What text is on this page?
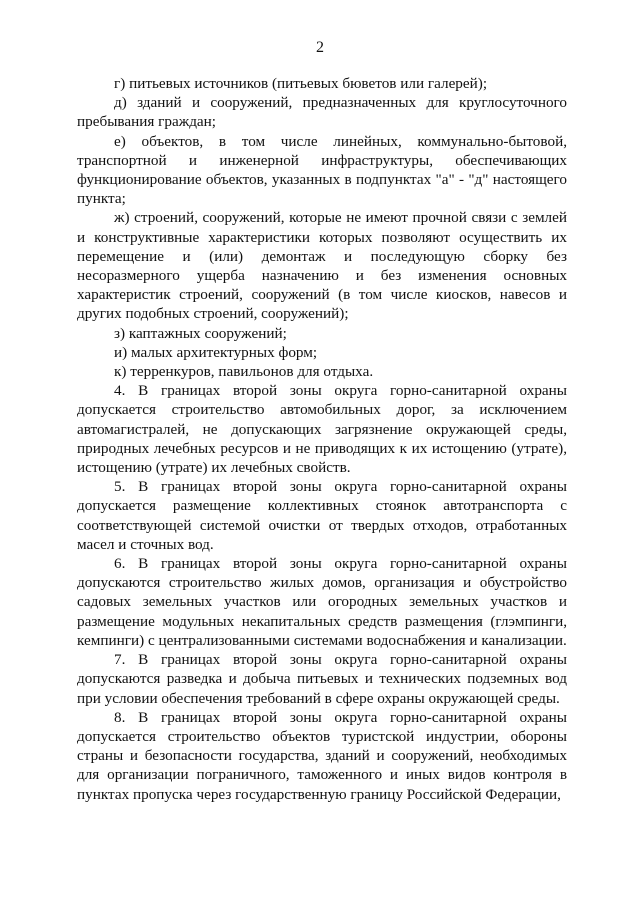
2

г) питьевых источников (питьевых бюветов или галерей);

д) зданий и сооружений, предназначенных для круглосуточного пребывания граждан;

е) объектов, в том числе линейных, коммунально-бытовой, транспортной и инженерной инфраструктуры, обеспечивающих функционирование объектов, указанных в подпунктах "а" - "д" настоящего пункта;

ж) строений, сооружений, которые не имеют прочной связи с землей и конструктивные характеристики которых позволяют осуществить их перемещение и (или) демонтаж и последующую сборку без несоразмерного ущерба назначению и без изменения основных характеристик строений, сооружений (в том числе киосков, навесов и других подобных строений, сооружений);

з) каптажных сооружений;

и) малых архитектурных форм;

к) терренкуров, павильонов для отдыха.

4. В границах второй зоны округа горно-санитарной охраны допускается строительство автомобильных дорог, за исключением автомагистралей, не допускающих загрязнение окружающей среды, природных лечебных ресурсов и не приводящих к их истощению (утрате), истощению (утрате) их лечебных свойств.

5. В границах второй зоны округа горно-санитарной охраны допускается размещение коллективных стоянок автотранспорта с соответствующей системой очистки от твердых отходов, отработанных масел и сточных вод.

6. В границах второй зоны округа горно-санитарной охраны допускаются строительство жилых домов, организация и обустройство садовых земельных участков или огородных земельных участков и размещение модульных некапитальных средств размещения (глэмпинги, кемпинги) с централизованными системами водоснабжения и канализации.

7. В границах второй зоны округа горно-санитарной охраны допускаются разведка и добыча питьевых и технических подземных вод при условии обеспечения требований в сфере охраны окружающей среды.

8. В границах второй зоны округа горно-санитарной охраны допускается строительство объектов туристской индустрии, обороны страны и безопасности государства, зданий и сооружений, необходимых для организации пограничного, таможенного и иных видов контроля в пунктах пропуска через государственную границу Российской Федерации,
